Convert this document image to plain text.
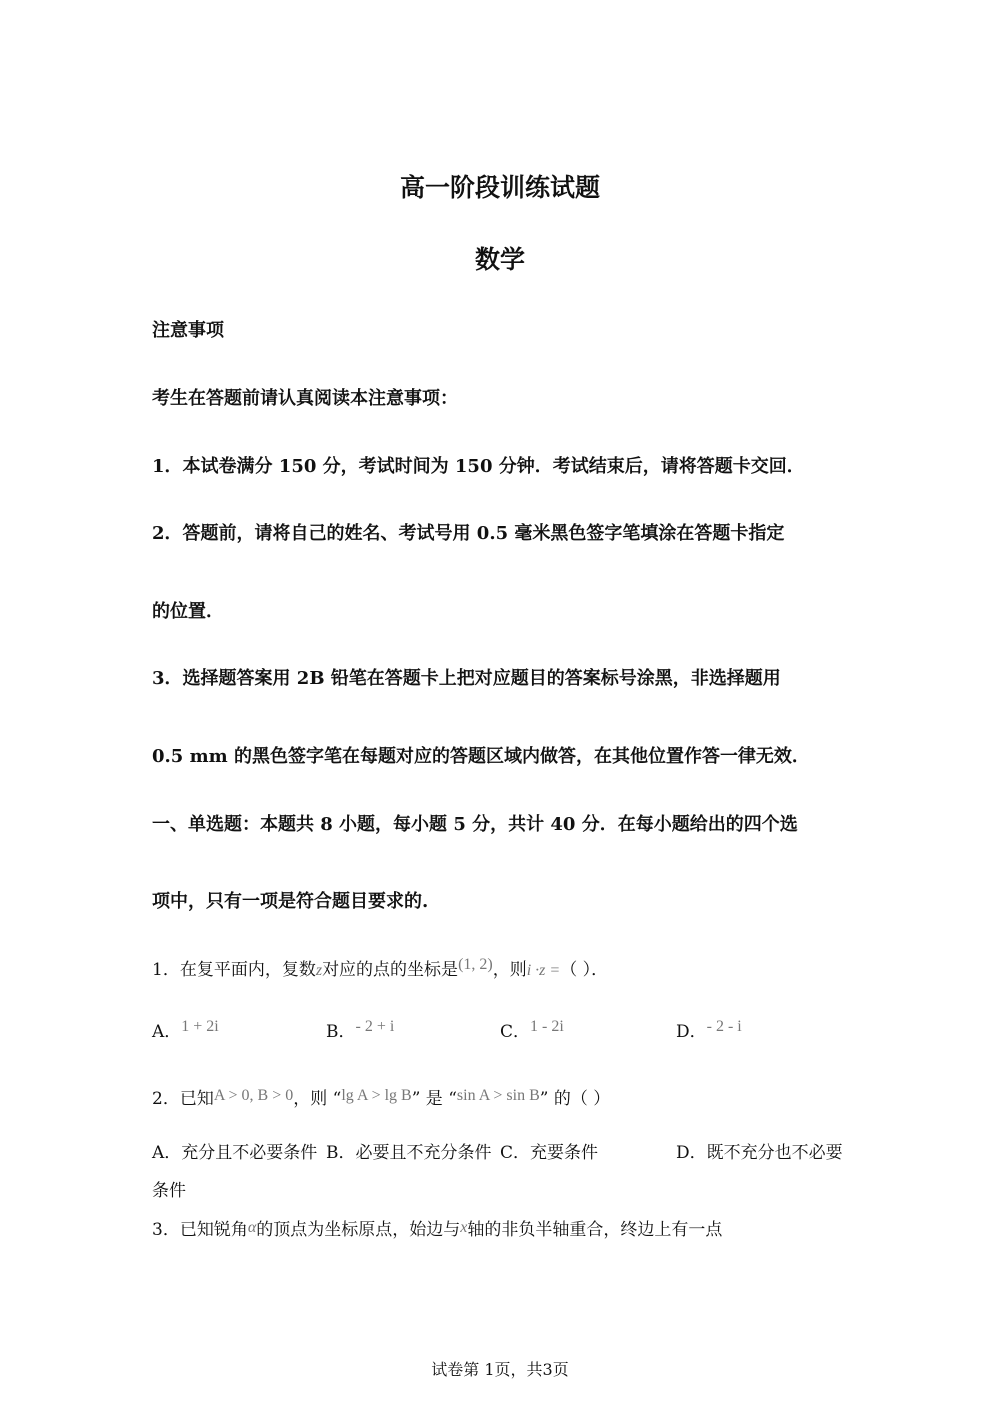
高一阶段训练试题
数学
注意事项
考生在答题前请认真阅读本注意事项：
1．本试卷满分 150 分，考试时间为 150 分钟．考试结束后，请将答题卡交回．
2．答题前，请将自己的姓名、考试号用 0.5 毫米黑色签字笔填涂在答题卡指定
的位置．
3．选择题答案用 2B 铅笔在答题卡上把对应题目的答案标号涂黑，非选择题用
0.5 mm 的黑色签字笔在每题对应的答题区域内做答，在其他位置作答一律无效．
一、单选题：本题共 8 小题，每小题 5 分，共计 40 分．在每小题给出的四个选
项中，只有一项是符合题目要求的.
1．在复平面内，复数z对应的点的坐标是(1, 2)，则i ·z =（ ）．
A．1 + 2i	B．- 2 + i	C．1 - 2i	D．- 2 - i
2．已知A > 0, B > 0，则 “lg A > lg B” 是 “sin A > sin B” 的（ ）
A．充分且不必要条件 B．必要且不充分条件 C．充要条件	D．既不充分也不必要
条件
3．已知锐角α的顶点为坐标原点，始边与x轴的非负半轴重合，终边上有一点
试卷第 1页，共3页
